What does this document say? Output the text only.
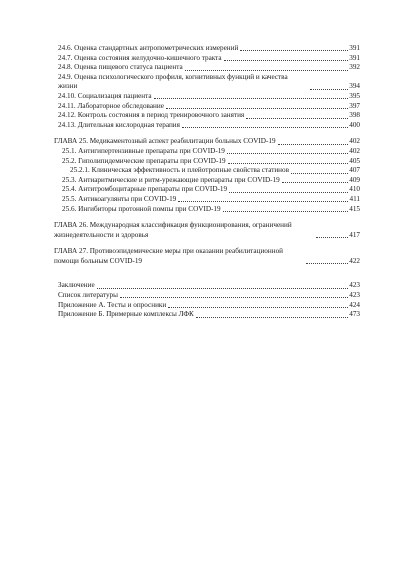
24.6. Оценка стандартных антропометрических измерений	391
24.7. Оценка состояния желудочно-кишечного тракта	391
24.8. Оценка пищевого статуса пациента	392
24.9. Оценка психологического профиля, когнитивных функций и качества жизни	394
24.10. Социализация пациента	395
24.11. Лабораторное обследование	397
24.12. Контроль состояния в период тренировочного занятия	398
24.13. Длительная кислородная терапия	400
ГЛАВА 25. Медикаментозный аспект реабилитации больных COVID-19	402
25.1. Антигипертензивные препараты при COVID-19	402
25.2. Гиполипидемические препараты при COVID-19	405
25.2.1. Клиническая эффективность и плейотропные свойства статинов	407
25.3. Антиаритмические и ритм-урежающие препараты при COVID-19	409
25.4. Антитромбоцитарные препараты при COVID-19	410
25.5. Антикоагулянты при COVID-19	411
25.6. Ингибиторы протонной помпы при COVID-19	415
ГЛАВА 26. Международная классификация функционирования, ограничений жизнедеятельности и здоровья	417
ГЛАВА 27. Противоэпидемические меры при оказании реабилитационной помощи больным COVID-19	422
Заключение	423
Список литературы	423
Приложение А. Тесты и опросники	424
Приложение Б. Примерные комплексы ЛФК	473
